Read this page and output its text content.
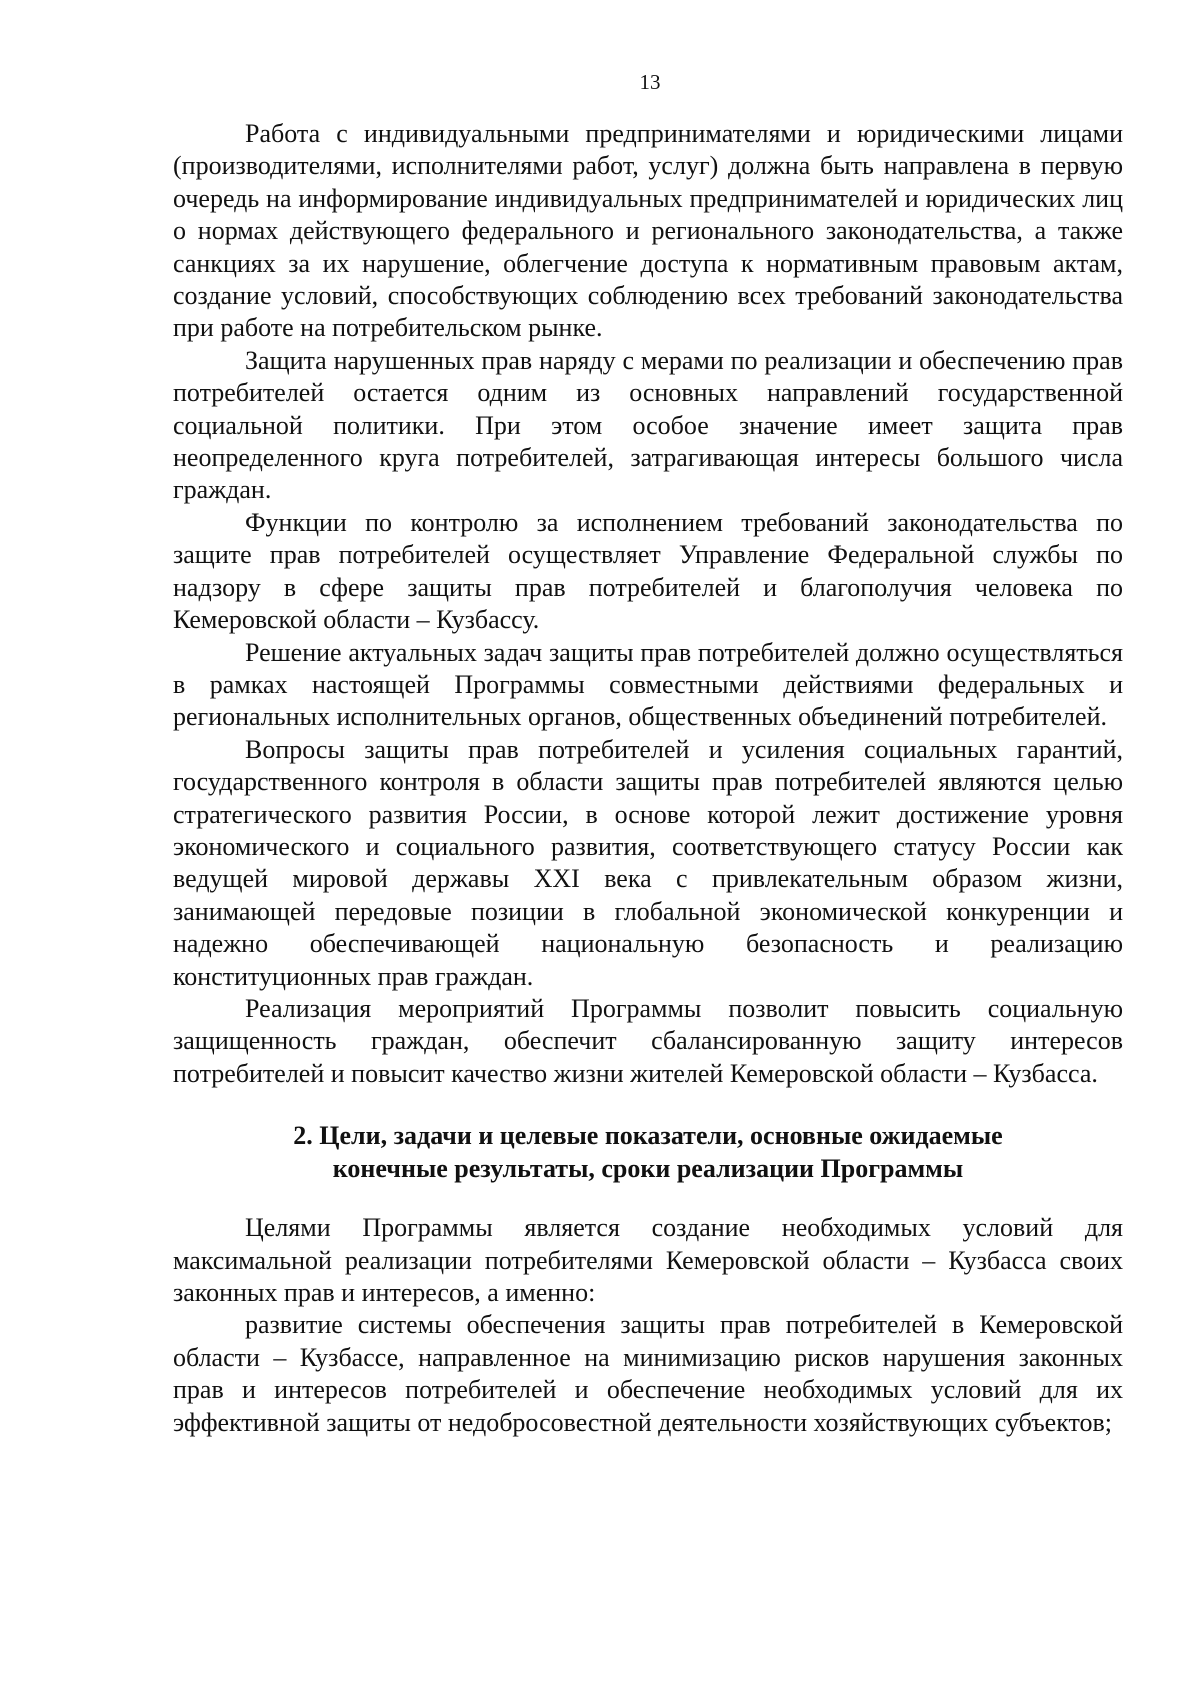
13

Работа с индивидуальными предпринимателями и юридическими лицами (производителями, исполнителями работ, услуг) должна быть направлена в первую очередь на информирование индивидуальных предпринимателей и юридических лиц о нормах действующего федерального и регионального законодательства, а также санкциях за их нарушение, облегчение доступа к нормативным правовым актам, создание условий, способствующих соблюдению всех требований законодательства при работе на потребительском рынке.

Защита нарушенных прав наряду с мерами по реализации и обеспечению прав потребителей остается одним из основных направлений государственной социальной политики. При этом особое значение имеет защита прав неопределенного круга потребителей, затрагивающая интересы большого числа граждан.

Функции по контролю за исполнением требований законодательства по защите прав потребителей осуществляет Управление Федеральной службы по надзору в сфере защиты прав потребителей и благополучия человека по Кемеровской области – Кузбассу.

Решение актуальных задач защиты прав потребителей должно осуществляться в рамках настоящей Программы совместными действиями федеральных и региональных исполнительных органов, общественных объединений потребителей.

Вопросы защиты прав потребителей и усиления социальных гарантий, государственного контроля в области защиты прав потребителей являются целью стратегического развития России, в основе которой лежит достижение уровня экономического и социального развития, соответствующего статусу России как ведущей мировой державы XXI века с привлекательным образом жизни, занимающей передовые позиции в глобальной экономической конкуренции и надежно обеспечивающей национальную безопасность и реализацию конституционных прав граждан.

Реализация мероприятий Программы позволит повысить социальную защищенность граждан, обеспечит сбалансированную защиту интересов потребителей и повысит качество жизни жителей Кемеровской области – Кузбасса.

2. Цели, задачи и целевые показатели, основные ожидаемые
конечные результаты, сроки реализации Программы

Целями Программы является создание необходимых условий для максимальной реализации потребителями Кемеровской области – Кузбасса своих законных прав и интересов, а именно:

развитие системы обеспечения защиты прав потребителей в Кемеровской области – Кузбассе, направленное на минимизацию рисков нарушения законных прав и интересов потребителей и обеспечение необходимых условий для их эффективной защиты от недобросовестной деятельности хозяйствующих субъектов;
